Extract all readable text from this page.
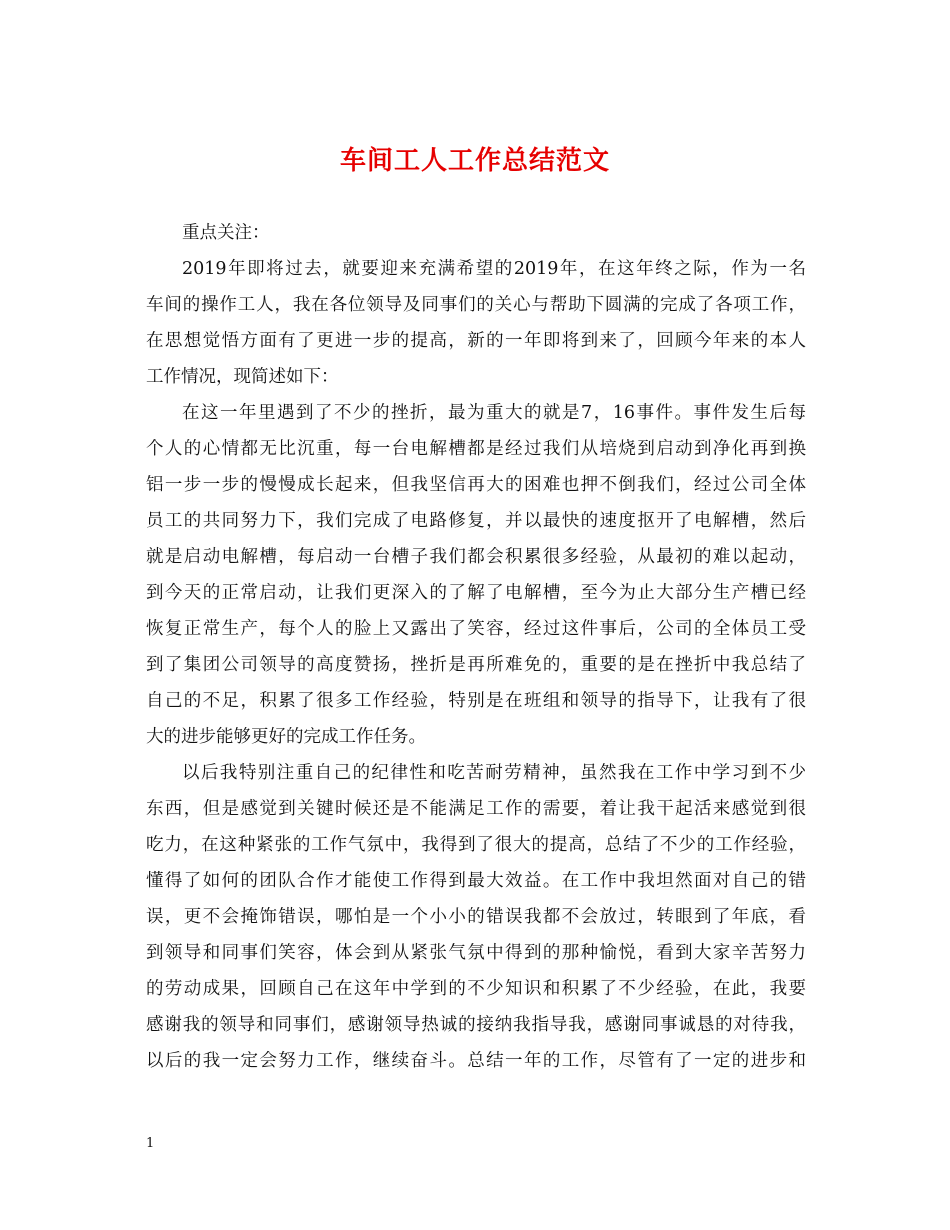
车间工人工作总结范文
重点关注：
2019年即将过去，就要迎来充满希望的2019年，在这年终之际，作为一名
车间的操作工人，我在各位领导及同事们的关心与帮助下圆满的完成了各项工作，
在思想觉悟方面有了更进一步的提高，新的一年即将到来了，回顾今年来的本人
工作情况，现简述如下：
在这一年里遇到了不少的挫折，最为重大的就是7，16事件。事件发生后每
个人的心情都无比沉重，每一台电解槽都是经过我们从培烧到启动到净化再到换
铝一步一步的慢慢成长起来，但我坚信再大的困难也押不倒我们，经过公司全体
员工的共同努力下，我们完成了电路修复，并以最快的速度抠开了电解槽，然后
就是启动电解槽，每启动一台槽子我们都会积累很多经验，从最初的难以起动，
到今天的正常启动，让我们更深入的了解了电解槽，至今为止大部分生产槽已经
恢复正常生产，每个人的脸上又露出了笑容，经过这件事后，公司的全体员工受
到了集团公司领导的高度赞扬，挫折是再所难免的，重要的是在挫折中我总结了
自己的不足，积累了很多工作经验，特别是在班组和领导的指导下，让我有了很
大的进步能够更好的完成工作任务。
以后我特别注重自己的纪律性和吃苦耐劳精神，虽然我在工作中学习到不少
东西，但是感觉到关键时候还是不能满足工作的需要，着让我干起活来感觉到很
吃力，在这种紧张的工作气氛中，我得到了很大的提高，总结了不少的工作经验，
懂得了如何的团队合作才能使工作得到最大效益。在工作中我坦然面对自己的错
误，更不会掩饰错误，哪怕是一个小小的错误我都不会放过，转眼到了年底，看
到领导和同事们笑容，体会到从紧张气氛中得到的那种愉悦，看到大家辛苦努力
的劳动成果，回顾自己在这年中学到的不少知识和积累了不少经验，在此，我要
感谢我的领导和同事们，感谢领导热诚的接纳我指导我，感谢同事诚恳的对待我，
以后的我一定会努力工作，继续奋斗。总结一年的工作，尽管有了一定的进步和
1
